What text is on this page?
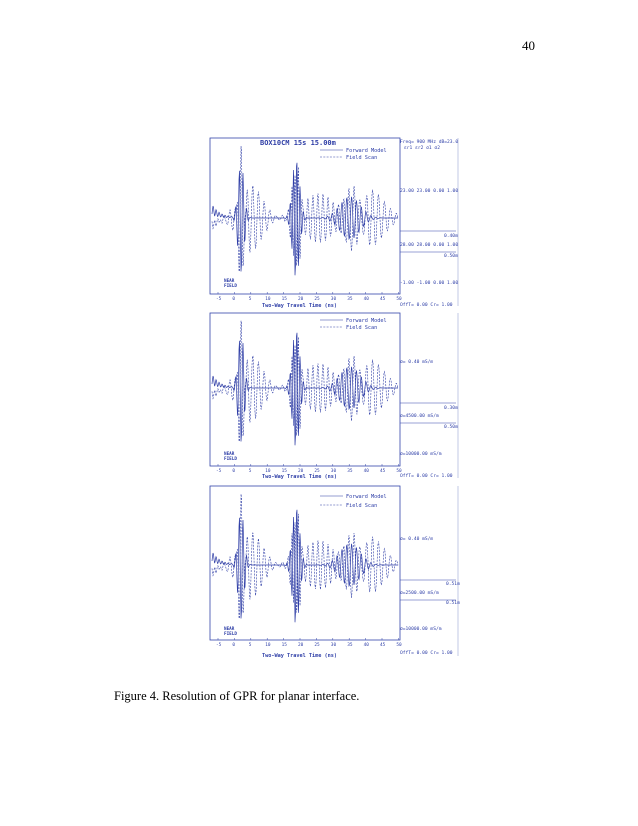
40
BOX10CM 15s 15.00m	Freq= 900 MHz dB=23.0
εr1 εr2 σ1 σ2
Forward Model
Field Scan
NEAR
FIELD
-5	0	5	10	15	20	25	30	35	40	45	50
Two-Way Travel Time (ns)
23.00 23.00 0.00 1.00
0.40m
28.00 28.00 0.00 1.00
0.50m
-1.00 -1.00 0.00 1.00
OffT= 0.00 Cr= 1.00
Forward Model
Field Scan
NEAR
FIELD
-5	0	5	10	15	20	25	30	35	40	45	50
Two-Way Travel Time (ns)
σ= 0.40 mS/m
0.30m
σ=4500.00 mS/m
0.50m
σ=10000.00 mS/m
OffT= 0.00 Cr= 1.00
Forward Model
Field Scan
NEAR
FIELD
-5	0	5	10	15	20	25	30	35	40	45	50
Two-Way Travel Time (ns)
σ= 0.40 mS/m
0.51m
σ=2500.00 mS/m
0.51m
σ=10000.00 mS/m
OffT= 0.00 Cr= 1.00
Figure 4. Resolution of GPR for planar interface.
